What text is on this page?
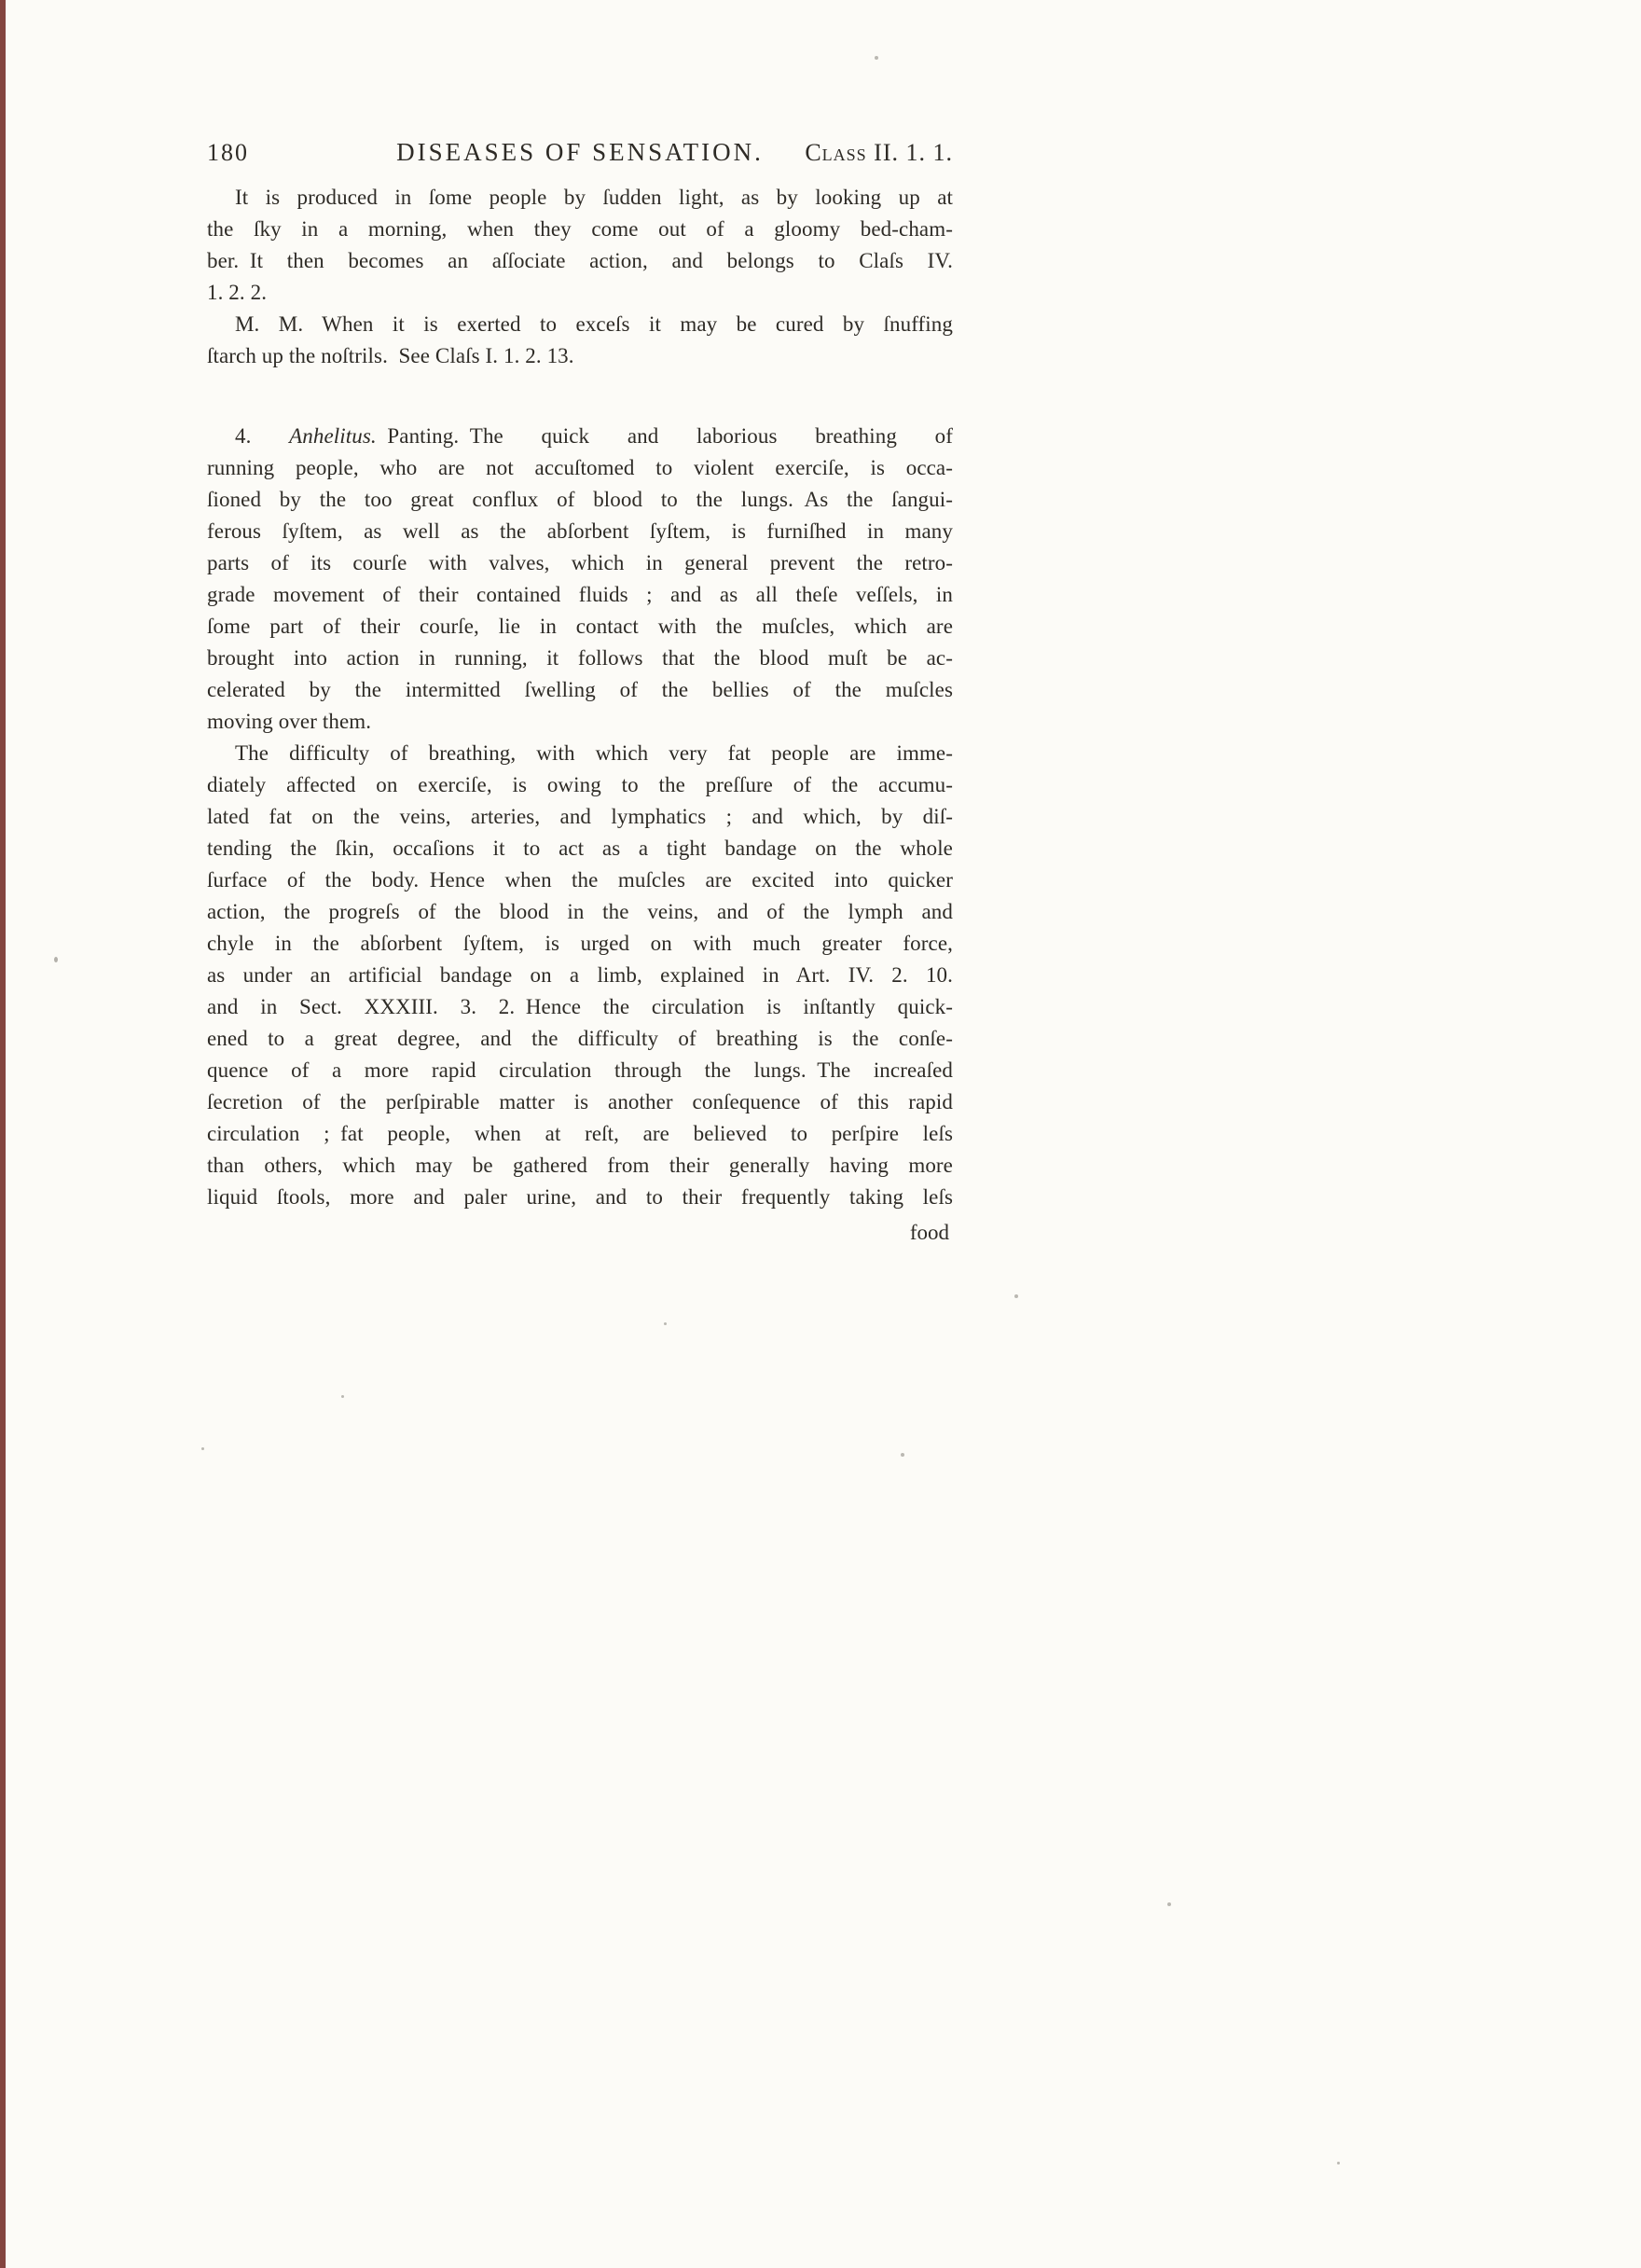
180	DISEASES OF SENSATION.	Class II. 1. 1.
It is produced in ſome people by ſudden light, as by looking up at
the ſky in a morning, when they come out of a gloomy bed-cham-
ber. It then becomes an aſſociate action, and belongs to Claſs IV.
1. 2. 2.
M. M. When it is exerted to exceſs it may be cured by ſnuffing
ſtarch up the noſtrils. See Claſs I. 1. 2. 13.
4. Anhelitus. Panting. The quick and laborious breathing of
running people, who are not accuſtomed to violent exerciſe, is occa-
ſioned by the too great conflux of blood to the lungs. As the ſangui-
ferous ſyſtem, as well as the abſorbent ſyſtem, is furniſhed in many
parts of its courſe with valves, which in general prevent the retro-
grade movement of their contained fluids ; and as all theſe veſſels, in
ſome part of their courſe, lie in contact with the muſcles, which are
brought into action in running, it follows that the blood muſt be ac-
celerated by the intermitted ſwelling of the bellies of the muſcles
moving over them.
The difficulty of breathing, with which very fat people are imme-
diately affected on exerciſe, is owing to the preſſure of the accumu-
lated fat on the veins, arteries, and lymphatics ; and which, by diſ-
tending the ſkin, occaſions it to act as a tight bandage on the whole
ſurface of the body. Hence when the muſcles are excited into quicker
action, the progreſs of the blood in the veins, and of the lymph and
chyle in the abſorbent ſyſtem, is urged on with much greater force,
as under an artificial bandage on a limb, explained in Art. IV. 2. 10.
and in Sect. XXXIII. 3. 2. Hence the circulation is inſtantly quick-
ened to a great degree, and the difficulty of breathing is the conſe-
quence of a more rapid circulation through the lungs. The increaſed
ſecretion of the perſpirable matter is another conſequence of this rapid
circulation ; fat people, when at reſt, are believed to perſpire leſs
than others, which may be gathered from their generally having more
liquid ſtools, more and paler urine, and to their frequently taking leſs
food
